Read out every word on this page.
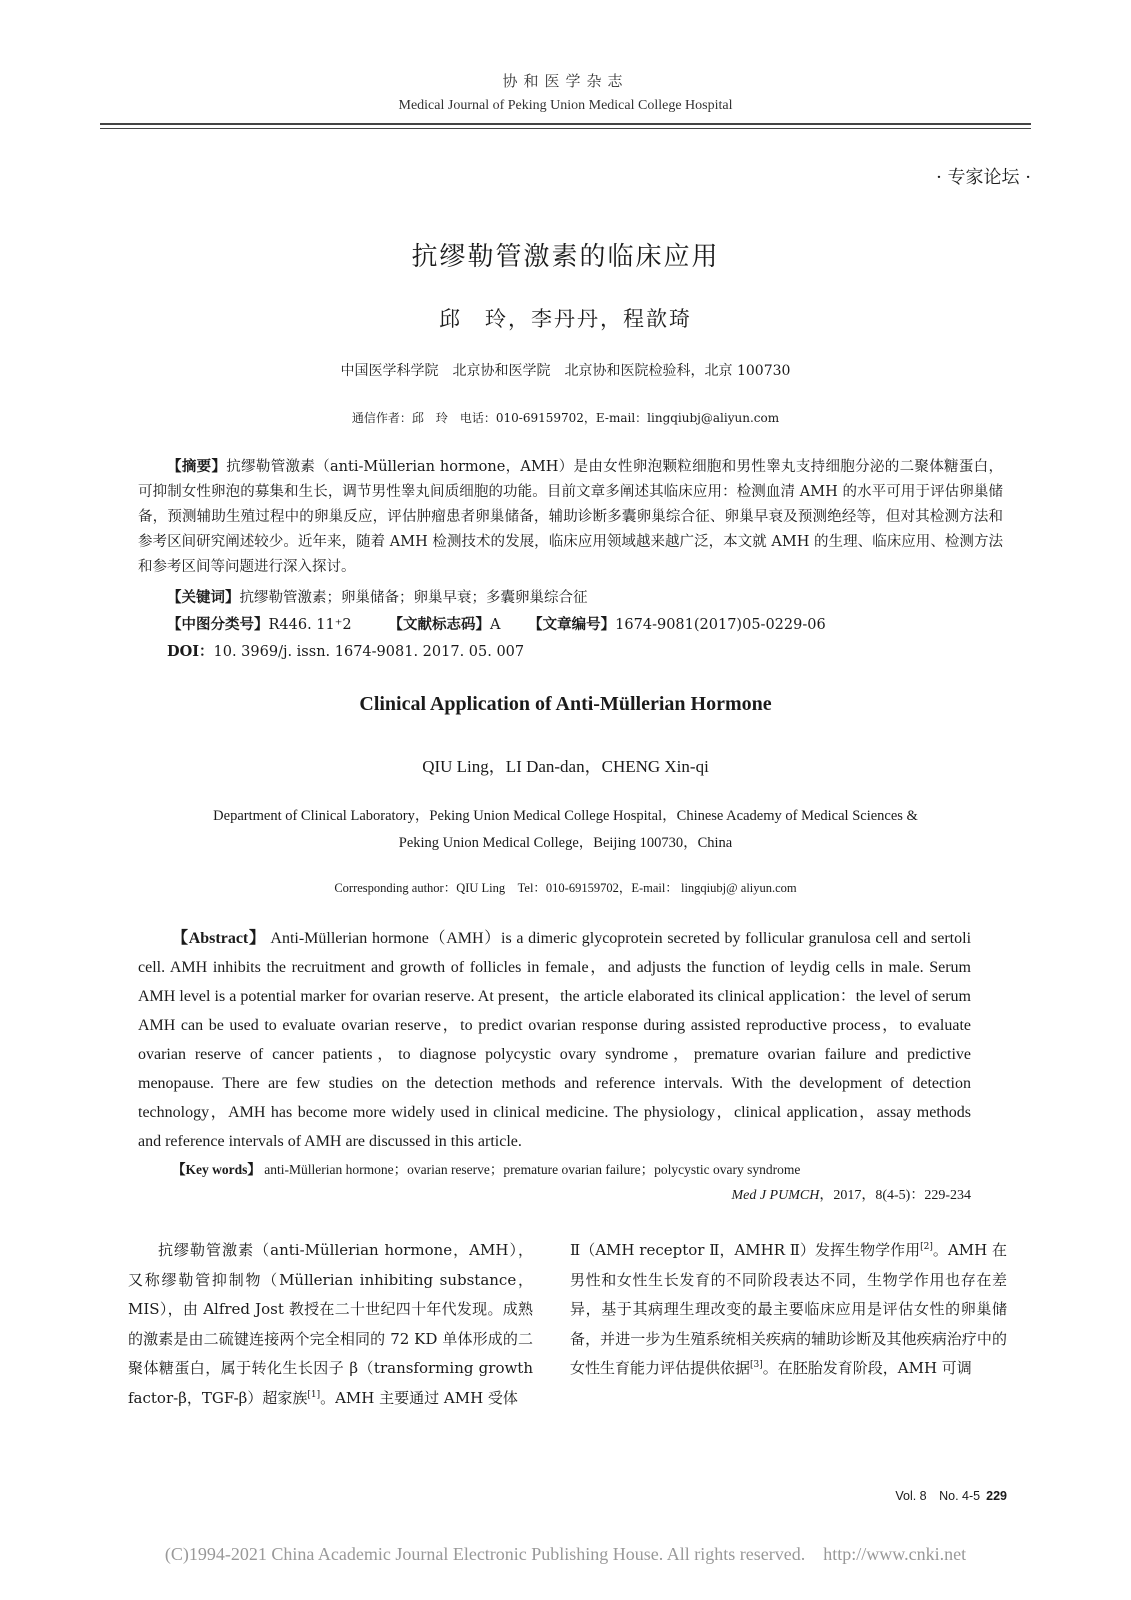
协和医学杂志
Medical Journal of Peking Union Medical College Hospital
· 专家论坛 ·
抗缪勒管激素的临床应用
邱　玲，李丹丹，程歆琦
中国医学科学院　北京协和医学院　北京协和医院检验科，北京 100730
通信作者：邱　玲　电话：010-69159702，E-mail：lingqiubj@aliyun.com
【摘要】抗缪勒管激素（anti-Müllerian hormone，AMH）是由女性卵泡颗粒细胞和男性睾丸支持细胞分泌的二聚体糖蛋白，可抑制女性卵泡的募集和生长，调节男性睾丸间质细胞的功能。目前文章多阐述其临床应用：检测血清 AMH 的水平可用于评估卵巢储备，预测辅助生殖过程中的卵巢反应，评估肿瘤患者卵巢储备，辅助诊断多囊卵巢综合征、卵巢早衰及预测绝经等，但对其检测方法和参考区间研究阐述较少。近年来，随着 AMH 检测技术的发展，临床应用领域越来越广泛，本文就 AMH 的生理、临床应用、检测方法和参考区间等问题进行深入探讨。
【关键词】抗缪勒管激素；卵巢储备；卵巢早衰；多囊卵巢综合征
【中图分类号】R446. 11⁺2	【文献标志码】A 【文章编号】1674-9081(2017)05-0229-06
DOI：10. 3969/j. issn. 1674-9081. 2017. 05. 007
Clinical Application of Anti-Müllerian Hormone
QIU Ling，LI Dan-dan，CHENG Xin-qi
Department of Clinical Laboratory，Peking Union Medical College Hospital，Chinese Academy of Medical Sciences &
Peking Union Medical College，Beijing 100730，China
Corresponding author：QIU Ling　Tel：010-69159702，E-mail： lingqiubj@ aliyun.com
【Abstract】 Anti-Müllerian hormone（AMH）is a dimeric glycoprotein secreted by follicular granulosa cell and sertoli cell. AMH inhibits the recruitment and growth of follicles in female，and adjusts the function of leydig cells in male. Serum AMH level is a potential marker for ovarian reserve. At present，the article elaborated its clinical application：the level of serum AMH can be used to evaluate ovarian reserve，to predict ovarian response during assisted reproductive process，to evaluate ovarian reserve of cancer patients，to diagnose polycystic ovary syndrome，premature ovarian failure and predictive menopause. There are few studies on the detection methods and reference intervals. With the development of detection technology，AMH has become more widely used in clinical medicine. The physiology，clinical application，assay methods and reference intervals of AMH are discussed in this article.
【Key words】 anti-Müllerian hormone；ovarian reserve；premature ovarian failure；polycystic ovary syndrome
Med J PUMCH，2017，8(4-5)：229-234
抗缪勒管激素（anti-Müllerian hormone，AMH），又称缪勒管抑制物（Müllerian inhibiting substance，MIS），由 Alfred Jost 教授在二十世纪四十年代发现。成熟的激素是由二硫键连接两个完全相同的 72 KD 单体形成的二聚体糖蛋白，属于转化生长因子 β（transforming growth factor-β，TGF-β）超家族[1]。AMH 主要通过 AMH 受体
Ⅱ（AMH receptor Ⅱ，AMHR Ⅱ）发挥生物学作用[2]。AMH 在男性和女性生长发育的不同阶段表达不同，生物学作用也存在差异，基于其病理生理改变的最主要临床应用是评估女性的卵巢储备，并进一步为生殖系统相关疾病的辅助诊断及其他疾病治疗中的女性生育能力评估提供依据[3]。在胚胎发育阶段，AMH 可调
Vol. 8　No. 4-5 229
(C)1994-2021 China Academic Journal Electronic Publishing House. All rights reserved.　http://www.cnki.net
